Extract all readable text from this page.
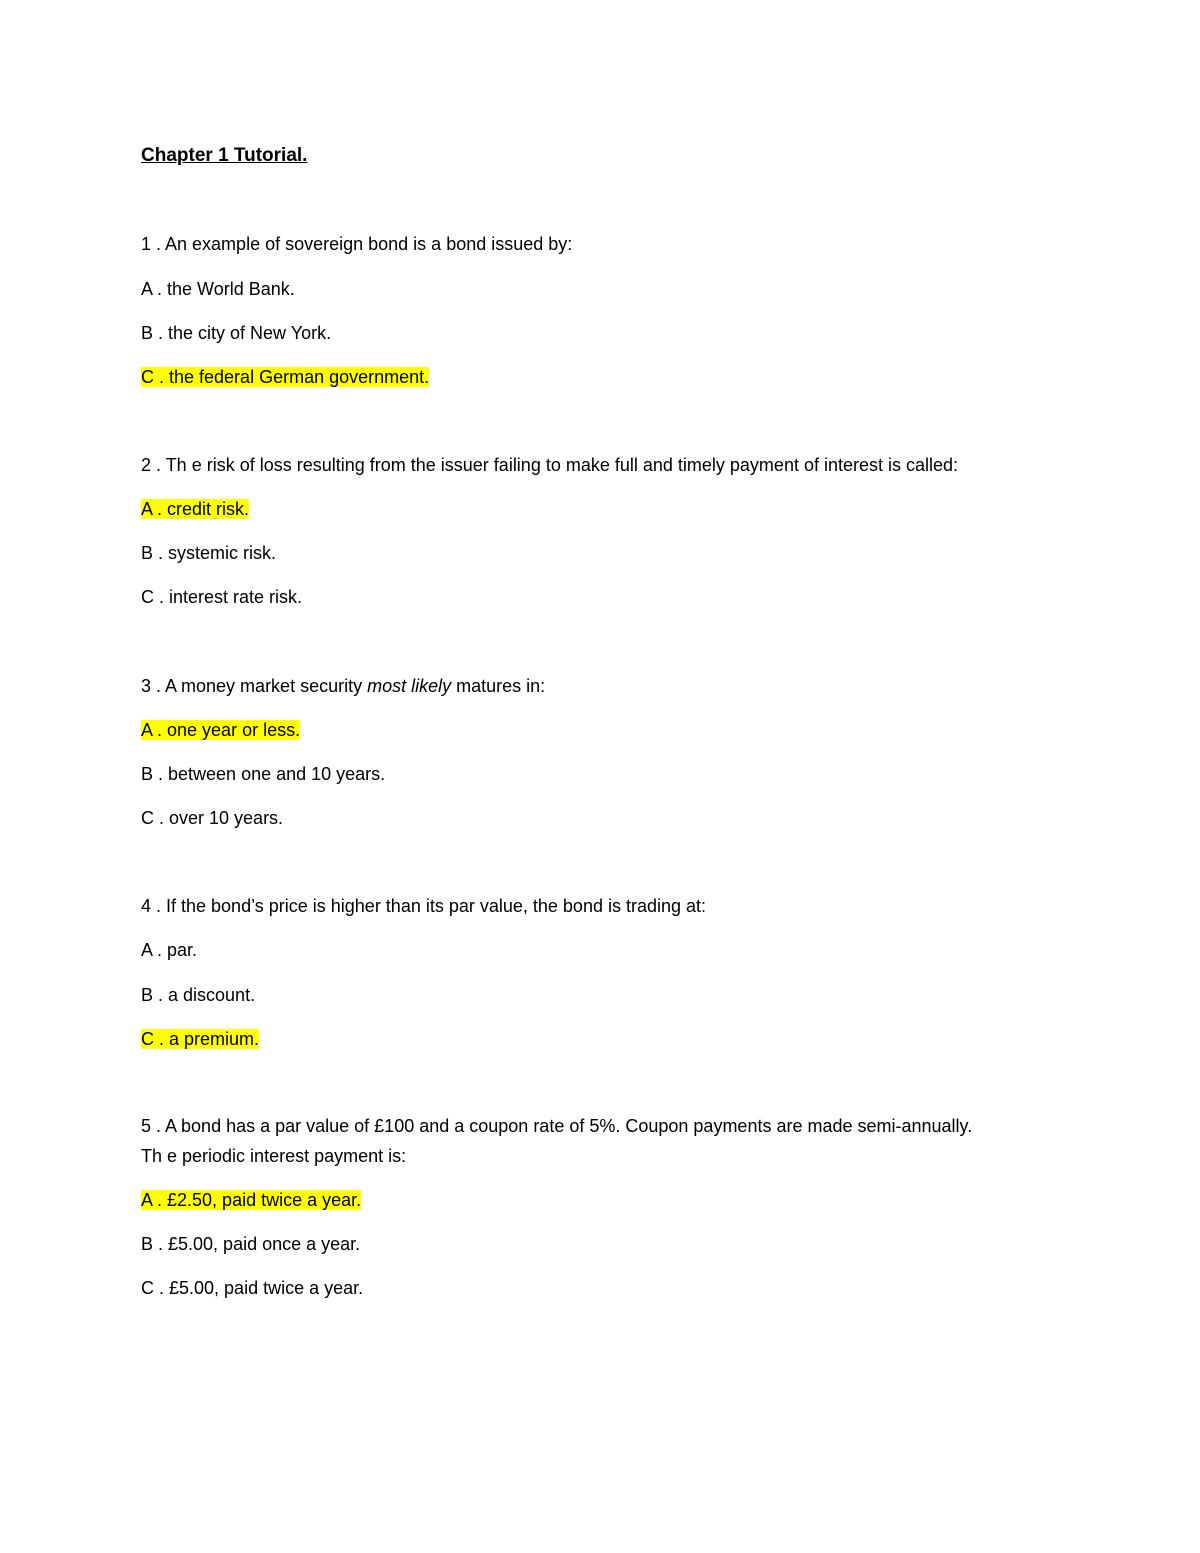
Chapter 1 Tutorial.
1 . An example of sovereign bond is a bond issued by:
A . the World Bank.
B . the city of New York.
C . the federal German government.
2 . Th e risk of loss resulting from the issuer failing to make full and timely payment of interest is called:
A . credit risk.
B . systemic risk.
C . interest rate risk.
3 . A money market security most likely matures in:
A . one year or less.
B . between one and 10 years.
C . over 10 years.
4 . If the bond’s price is higher than its par value, the bond is trading at:
A . par.
B . a discount.
C . a premium.
5 . A bond has a par value of £100 and a coupon rate of 5%. Coupon payments are made semi-annually.
Th e periodic interest payment is:
A . £2.50, paid twice a year.
B . £5.00, paid once a year.
C . £5.00, paid twice a year.
